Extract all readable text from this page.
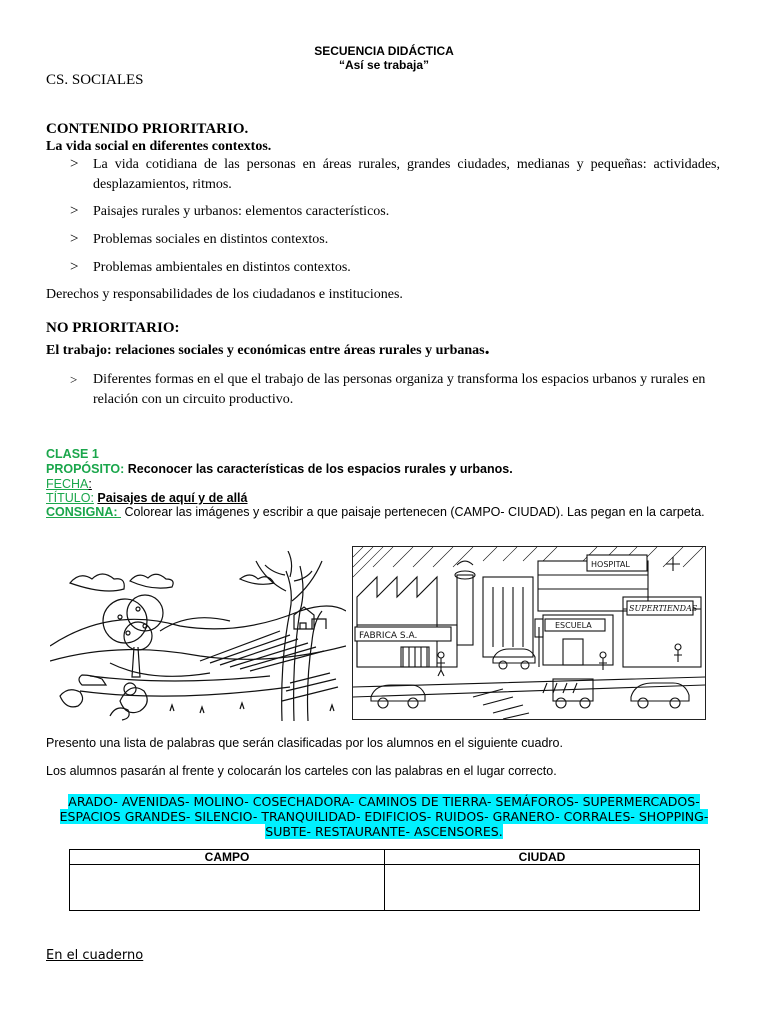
SECUENCIA DIDÁCTICA
“Así se trabaja”
CS. SOCIALES
CONTENIDO PRIORITARIO.
La vida social en diferentes contextos.
> La vida cotidiana de las personas en áreas rurales, grandes ciudades, medianas y pequeñas: actividades, desplazamientos, ritmos.
> Paisajes rurales y urbanos: elementos característicos.
> Problemas sociales en distintos contextos.
> Problemas ambientales en distintos contextos.
Derechos y responsabilidades de los ciudadanos e instituciones.
NO PRIORITARIO:
El trabajo: relaciones sociales y económicas entre áreas rurales y urbanas.
> Diferentes formas en el que el trabajo de las personas organiza y transforma los espacios urbanos y rurales en relación con un circuito productivo.
CLASE 1
PROPÓSITO: Reconocer las características de los espacios rurales y urbanos.
FECHA:
TÍTULO: Paisajes de aquí y de allá
CONSIGNA: Colorear las imágenes y escribir a que paisaje pertenecen (CAMPO- CIUDAD). Las pegan en la carpeta.
HOSPITAL
FABRICA S.A.
ESCUELA
SUPERTIENDAS
Presento una lista de palabras que serán clasificadas por los alumnos en el siguiente cuadro.
Los alumnos pasarán al frente y colocarán los carteles con las palabras en el lugar correcto.
ARADO- AVENIDAS- MOLINO- COSECHADORA- CAMINOS DE TIERRA- SEMÁFOROS- SUPERMERCADOS-
ESPACIOS GRANDES- SILENCIO- TRANQUILIDAD- EDIFICIOS- RUIDOS- GRANERO- CORRALES- SHOPPING-
SUBTE- RESTAURANTE- ASCENSORES.
CAMPO	CIUDAD

En el cuaderno
